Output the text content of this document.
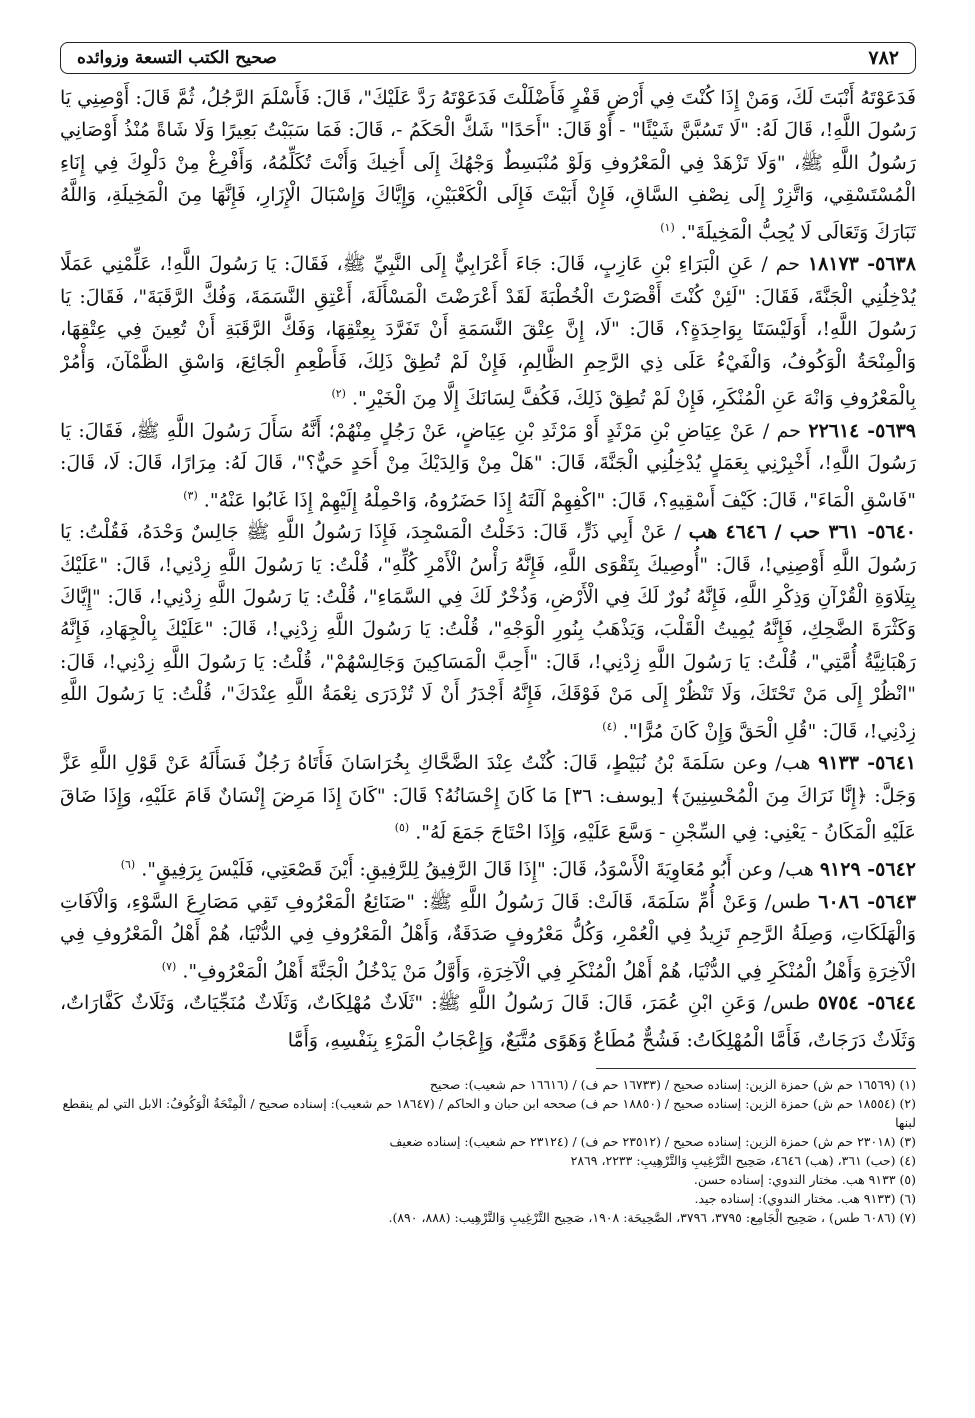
٧٨٢
صحيح الكتب التسعة وزوائده

فَدَعَوْتَهُ أَنْبَتَ لَكَ، وَمَنْ إِذَا كُنْتَ فِي أَرْضٍ قَفْرٍ فَأَضْلَلْتَ فَدَعَوْتَهُ رَدَّ عَلَيْكَ"، قَالَ: فَأَسْلَمَ الرَّجُلُ، ثُمَّ قَالَ: أَوْصِنِي يَا رَسُولَ اللَّهِ!، قَالَ لَهُ: "لَا تَسُبَّنَّ شَيْئًا" - أَوْ قَالَ: "أَحَدًا" شَكَّ الْحَكَمُ -، قَالَ: فَمَا سَبَبْتُ بَعِيرًا وَلَا شَاةً مُنْذُ أَوْصَانِي رَسُولُ اللَّهِ ﷺ، "وَلَا تَزْهَدْ فِي الْمَعْرُوفِ وَلَوْ مُنْبَسِطٌ وَجْهُكَ إِلَى أَخِيكَ وَأَنْتَ تُكَلِّمُهُ، وَأَفْرِغْ مِنْ دَلْوِكَ فِي إِنَاءِ الْمُسْتَسْقِي، وَاتَّزِرْ إِلَى نِصْفِ السَّاقِ، فَإِنْ أَبَيْتَ فَإِلَى الْكَعْبَيْنِ، وَإِيَّاكَ وَإِسْبَالَ الْإِزَارِ، فَإِنَّهَا مِنَ الْمَخِيلَةِ، وَاللَّهُ تَبَارَكَ وَتَعَالَى لَا يُحِبُّ الْمَخِيلَةَ". $^{(١)}$

٥٦٣٨- ١٨١٧٣ حم / عَنِ الْبَرَاءِ بْنِ عَازِبٍ، قَالَ: جَاءَ أَعْرَابِيٌّ إِلَى النَّبِيِّ ﷺ، فَقَالَ: يَا رَسُولَ اللَّهِ!، عَلِّمْنِي عَمَلًا يُدْخِلُنِي الْجَنَّةَ، فَقَالَ: "لَئِنْ كُنْتَ أَقْصَرْتَ الْخُطْبَةَ لَقَدْ أَعْرَضْتَ الْمَسْأَلَةَ، أَعْتِقِ النَّسَمَةَ، وَفُكَّ الرَّقَبَةَ"، فَقَالَ: يَا رَسُولَ اللَّهِ!، أَوَلَيْسَتَا بِوَاحِدَةٍ؟، قَالَ: "لَا، إِنَّ عِتْقَ النَّسَمَةِ أَنْ تَفَرَّدَ بِعِتْقِهَا، وَفَكَّ الرَّقَبَةِ أَنْ تُعِينَ فِي عِتْقِهَا، وَالْمِنْحَةُ الْوَكُوفُ، وَالْفَيْءُ عَلَى ذِي الرَّحِمِ الظَّالِمِ، فَإِنْ لَمْ تُطِقْ ذَلِكَ، فَأَطْعِمِ الْجَائِعَ، وَاسْقِ الظَّمْآنَ، وَأْمُرْ بِالْمَعْرُوفِ وَانْهَ عَنِ الْمُنْكَرِ، فَإِنْ لَمْ تُطِقْ ذَلِكَ، فَكُفَّ لِسَانَكَ إِلَّا مِنَ الْخَيْرِ". $^{(٢)}$

٥٦٣٩- ٢٢٦١٤ حم / عَنْ عِيَاضِ بْنِ مَرْثَدٍ أَوْ مَرْثَدِ بْنِ عِيَاضٍ، عَنْ رَجُلٍ مِنْهُمْ؛ أَنَّهُ سَأَلَ رَسُولَ اللَّهِ ﷺ، فَقَالَ: يَا رَسُولَ اللَّهِ!، أَخْبِرْنِي بِعَمَلٍ يُدْخِلُنِي الْجَنَّةَ، قَالَ: "هَلْ مِنْ وَالِدَيْكَ مِنْ أَحَدٍ حَيٌّ؟"، قَالَ لَهُ: مِرَارًا، قَالَ: لَا، قَالَ: "فَاسْقِ الْمَاءَ"، قَالَ: كَيْفَ أَسْقِيهِ؟، قَالَ: "اكْفِهِمْ آلَتَهُ إِذَا حَضَرُوهُ، وَاحْمِلْهُ إِلَيْهِمْ إِذَا غَابُوا عَنْهُ". $^{(٣)}$

٥٦٤٠- ٣٦١ حب / ٤٦٤٦ هب / عَنْ أَبِي ذَرٍّ، قَالَ: دَخَلْتُ الْمَسْجِدَ، فَإِذَا رَسُولُ اللَّهِ ﷺ جَالِسٌ وَحْدَهُ، فَقُلْتُ: يَا رَسُولَ اللَّهِ أَوْصِنِي!، قَالَ: "أُوصِيكَ بِتَقْوَى اللَّهِ، فَإِنَّهُ رَأْسُ الْأَمْرِ كُلِّهِ"، قُلْتُ: يَا رَسُولَ اللَّهِ زِدْنِي!، قَالَ: "عَلَيْكَ بِتِلَاوَةِ الْقُرْآنِ وَذِكْرِ اللَّهِ، فَإِنَّهُ نُورٌ لَكَ فِي الْأَرْضِ، وَذُخْرٌ لَكَ فِي السَّمَاءِ"، قُلْتُ: يَا رَسُولَ اللَّهِ زِدْنِي!، قَالَ: "إِيَّاكَ وَكَثْرَةَ الضَّحِكِ، فَإِنَّهُ يُمِيتُ الْقَلْبَ، وَيَذْهَبُ بِنُورِ الْوَجْهِ"، قُلْتُ: يَا رَسُولَ اللَّهِ زِدْنِي!، قَالَ: "عَلَيْكَ بِالْجِهَادِ، فَإِنَّهُ رَهْبَانِيَّةُ أُمَّتِي"، قُلْتُ: يَا رَسُولَ اللَّهِ زِدْنِي!، قَالَ: "أَحِبَّ الْمَسَاكِينَ وَجَالِسْهُمْ"، قُلْتُ: يَا رَسُولَ اللَّهِ زِدْنِي!، قَالَ: "انْظُرْ إِلَى مَنْ تَحْتَكَ، وَلَا تَنْظُرْ إِلَى مَنْ فَوْقَكَ، فَإِنَّهُ أَجْدَرُ أَنْ لَا تُزْدَرَى نِعْمَةُ اللَّهِ عِنْدَكَ"، قُلْتُ: يَا رَسُولَ اللَّهِ زِدْنِي!، قَالَ: "قُلِ الْحَقَّ وَإِنْ كَانَ مُرًّا". $^{(٤)}$

٥٦٤١- ٩١٣٣ هب/ وعن سَلَمَةَ بْنُ نُبَيْطٍ، قَالَ: كُنْتُ عِنْدَ الضَّحَّاكِ بِخُرَاسَانَ فَأَتَاهُ رَجُلٌ فَسَأَلَهُ عَنْ قَوْلِ اللَّهِ عَزَّ وَجَلَّ: ﴿إِنَّا نَرَاكَ مِنَ الْمُحْسِنِينَ﴾ [يوسف: ٣٦] مَا كَانَ إِحْسَانُهُ؟ قَالَ: "كَانَ إِذَا مَرِضَ إِنْسَانٌ قَامَ عَلَيْهِ، وَإِذَا ضَاقَ عَلَيْهِ الْمَكَانُ - يَعْنِي: فِي السِّجْنِ - وَسَّعَ عَلَيْهِ، وَإِذَا احْتَاجَ جَمَعَ لَهُ". $^{(٥)}$

٥٦٤٢- ٩١٢٩ هب/ وعن أَبُو مُعَاوِيَةَ الْأَسْوَدُ، قَالَ: "إِذَا قَالَ الرَّفِيقُ لِلرَّفِيقِ: أَيْنَ قَصْعَتِي، فَلَيْسَ بِرَفِيقٍ". $^{(٦)}$

٥٦٤٣- ٦٠٨٦ طس/ وَعَنْ أُمِّ سَلَمَةَ، قَالَتْ: قَالَ رَسُولُ اللَّهِ ﷺ: "صَنَائِعُ الْمَعْرُوفِ تَقِي مَصَارِعَ السَّوْءِ، وَالْآفَاتِ وَالْهَلَكَاتِ، وَصِلَةُ الرَّحِمِ تَزِيدُ فِي الْعُمْرِ، وَكُلُّ مَعْرُوفٍ صَدَقَةٌ، وَأَهْلُ الْمَعْرُوفِ فِي الدُّنْيَا، هُمْ أَهْلُ الْمَعْرُوفِ فِي الْآخِرَةِ وَأَهْلُ الْمُنْكَرِ فِي الدُّنْيَا، هُمْ أَهْلُ الْمُنْكَرِ فِي الْآخِرَةِ، وَأَوَّلُ مَنْ يَدْخُلُ الْجَنَّةَ أَهْلُ الْمَعْرُوفِ". $^{(٧)}$

٥٦٤٤- ٥٧٥٤ طس/ وَعَنِ ابْنِ عُمَرَ، قَالَ: قَالَ رَسُولُ اللَّهِ ﷺ: "ثَلَاثٌ مُهْلِكَاتٌ، وَثَلَاثٌ مُنَجِّيَاتٌ، وَثَلَاثٌ كَفَّارَاتٌ، وَثَلَاثٌ دَرَجَاتٌ، فَأَمَّا الْمُهْلِكَاتُ: فَشُحٌّ مُطَاعٌ وَهَوًى مُتَّبَعٌ، وَإِعْجَابُ الْمَرْءِ بِنَفْسِهِ، وَأَمَّا

(١) (١٦٥٦٩ حم ش) حمزة الزين: إسناده صحيح / (١٦٧٣٣ حم ف) / (١٦٦١٦ حم شعيب): صحيح

(٢) (١٨٥٥٤ حم ش) حمزة الزين: إسناده صحيح / (١٨٨٥٠ حم ف) صححه ابن حبان و الحاكم / (١٨٦٤٧ حم شعيب): إسناده صحيح / الْمِنْحَةُ الْوَكُوفُ: الابل التي لم ينقطع لبنها

(٣) (٢٣٠١٨ حم ش) حمزة الزين: إسناده صحيح / (٢٣٥١٢ حم ف) / (٢٣١٢٤ حم شعيب): إسناده ضعيف

(٤) (حب) ٣٦١، (هب) ٤٦٤٦، صَحِيح التَّرْغِيبِ وَالتَّرْهِيبِ: ٢٢٣٣، ٢٨٦٩

(٥) ٩١٣٣ هب. مختار الندوي: إسناده حسن.

(٦) (٩١٣٣ هب. مختار الندوي): إسناده جيد.

(٧) (٦٠٨٦ طس) ، صَحِيح الْجَامِع: ٣٧٩٥، ٣٧٩٦، الصَّحِيحَة: ١٩٠٨، صَحِيح التَّرْغِيبِ وَالتَّرْهِيب: (٨٨٨، ٨٩٠).
